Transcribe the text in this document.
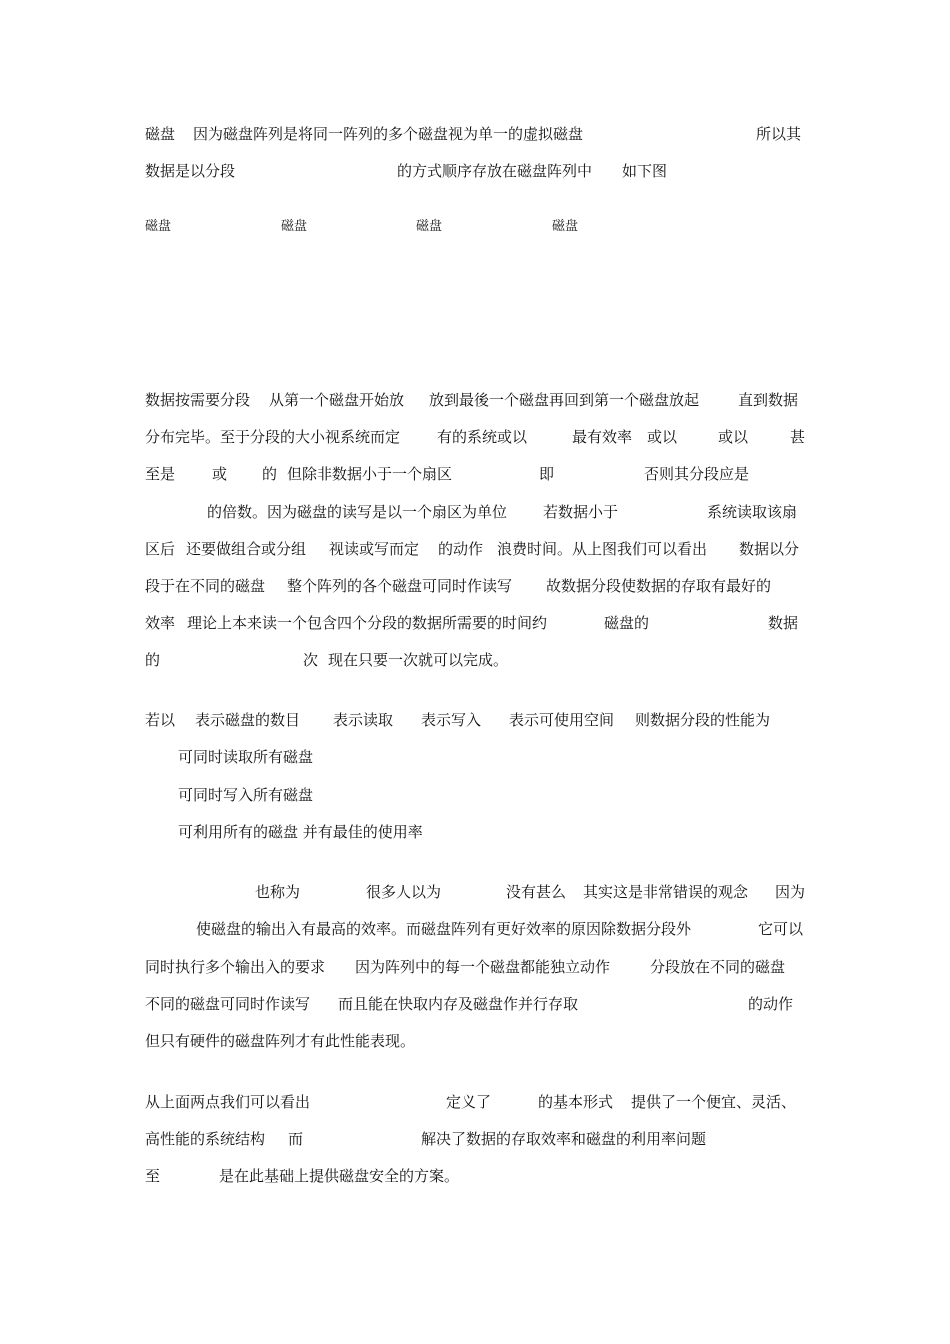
磁盘

因为磁盘阵列是将同一阵列的多个磁盘视为单一的虚拟磁盘

	所以其

数据是以分段

	的方式顺序存放在磁盘阵列中

如下图

磁盘	磁盘	磁盘	磁盘

数据按需要分段

从第一个磁盘开始放

放到最後一个磁盘再回到第一个磁盘放起

	直到数据

分布完毕。至于分段的大小视系统而定

有的系统或以

	最有效率

或以

	或以

	甚

至是

或

的

但除非数据小于一个扇区

	即

	否则其分段应是

的倍数。因为磁盘的读写是以一个扇区为单位

若数据小于

	系统读取该扇

区后

还要做组合或分组

视读或写而定

的动作

浪费时间。从上图我们可以看出

数据以分

段于在不同的磁盘

整个阵列的各个磁盘可同时作读写

故数据分段使数据的存取有最好的

效率

理论上本来读一个包含四个分段的数据所需要的时间约

	磁盘的

	数据

的

	次

现在只要一次就可以完成。

若以

表示磁盘的数目

表示读取

表示写入

表示可使用空间

则数据分段的性能为

可同时读取所有磁盘

可同时写入所有磁盘

可利用所有的磁盘 并有最佳的使用率

也称为

	很多人以为

	没有甚么

其实这是非常错误的观念

因为

使磁盘的输出入有最高的效率。而磁盘阵列有更好效率的原因除数据分段外

	它可以

同时执行多个输出入的要求

因为阵列中的每一个磁盘都能独立动作

	分段放在不同的磁盘

不同的磁盘可同时作读写

而且能在快取内存及磁盘作并行存取

	的动作

但只有硬件的磁盘阵列才有此性能表现。

从上面两点我们可以看出

	定义了

	的基本形式

提供了一个便宜、灵活、

高性能的系统结构

而

	解决了数据的存取效率和磁盘的利用率问题

至

	是在此基础上提供磁盘安全的方案。
